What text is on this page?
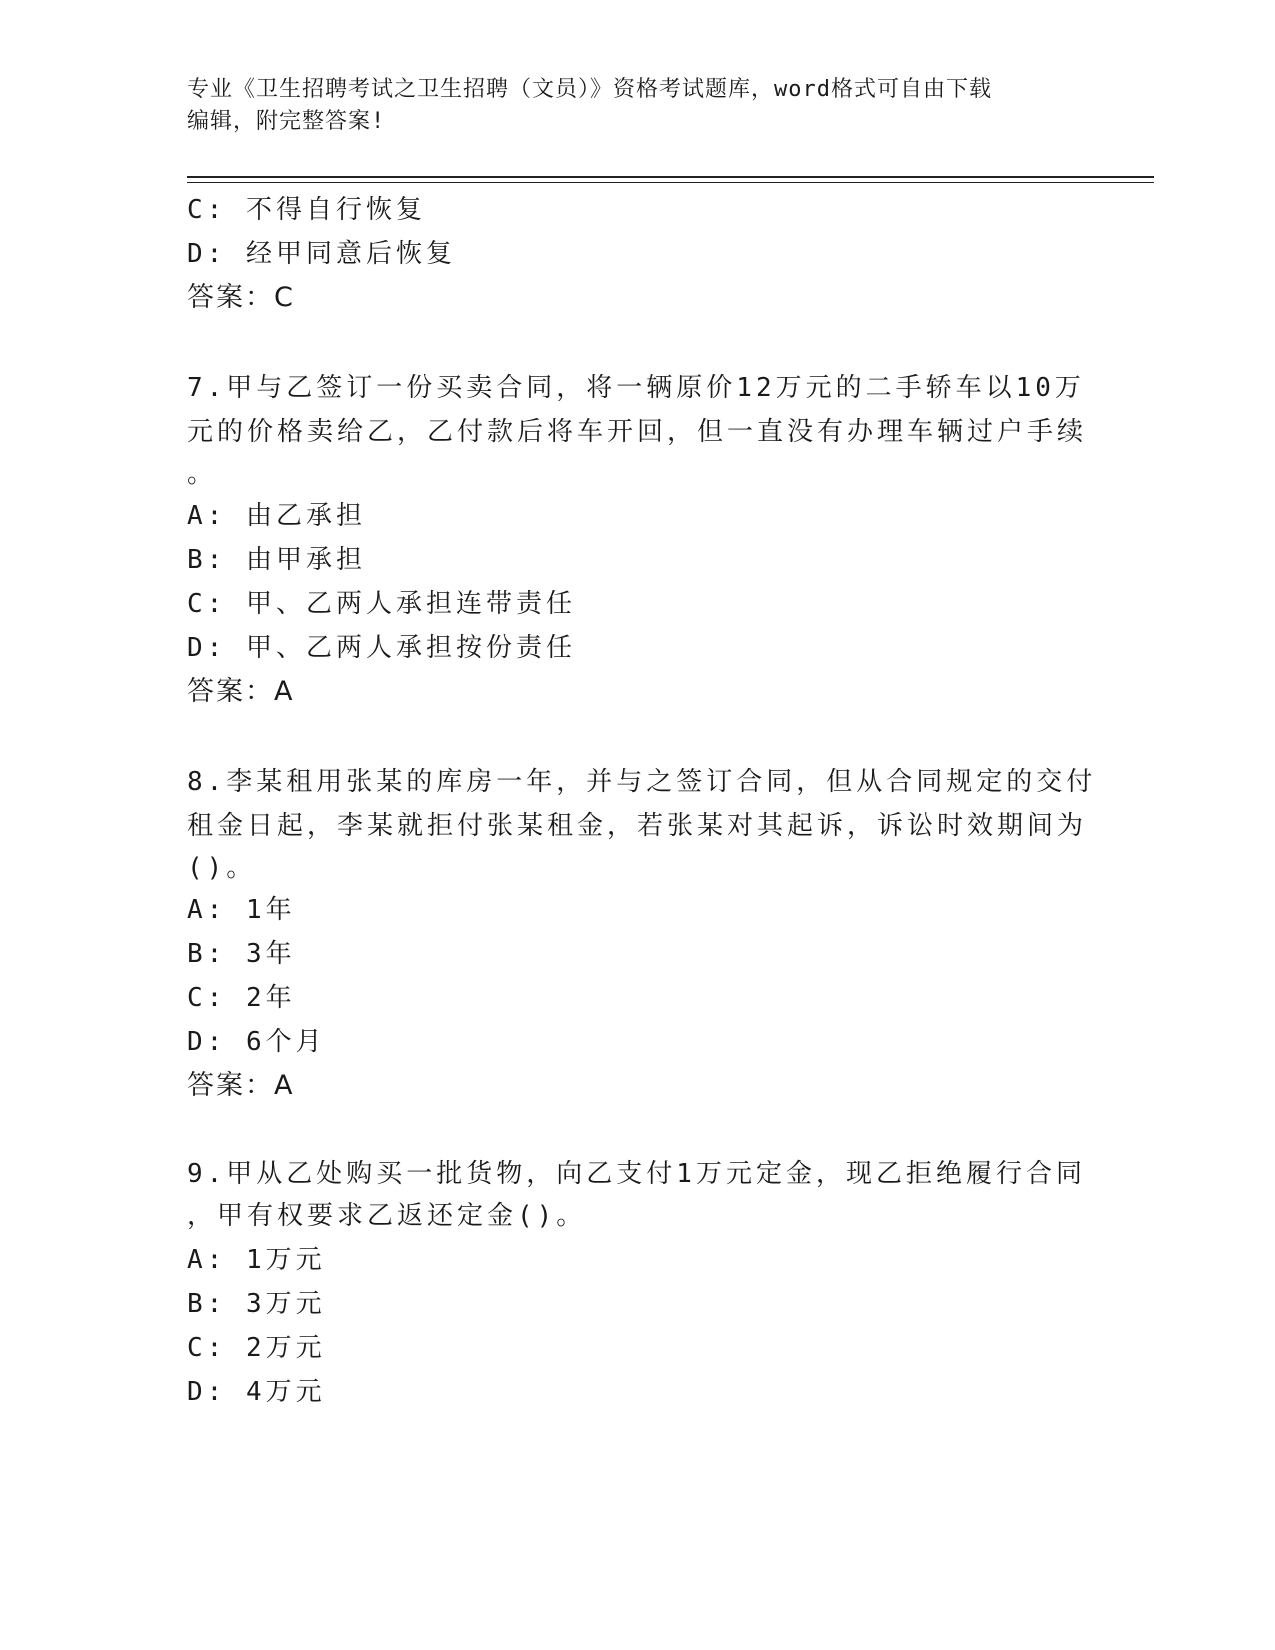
专业《卫生招聘考试之卫生招聘（文员）》资格考试题库，word格式可自由下载
编辑，附完整答案!
C: 不得自行恢复
D: 经甲同意后恢复
答案：C
7.甲与乙签订一份买卖合同，将一辆原价12万元的二手轿车以10万
元的价格卖给乙，乙付款后将车开回，但一直没有办理车辆过户手续
。
A: 由乙承担
B: 由甲承担
C: 甲、乙两人承担连带责任
D: 甲、乙两人承担按份责任
答案：A
8.李某租用张某的库房一年，并与之签订合同，但从合同规定的交付
租金日起，李某就拒付张某租金，若张某对其起诉，诉讼时效期间为
()。
A: 1年
B: 3年
C: 2年
D: 6个月
答案：A
9.甲从乙处购买一批货物，向乙支付1万元定金，现乙拒绝履行合同
，甲有权要求乙返还定金()。
A: 1万元
B: 3万元
C: 2万元
D: 4万元
